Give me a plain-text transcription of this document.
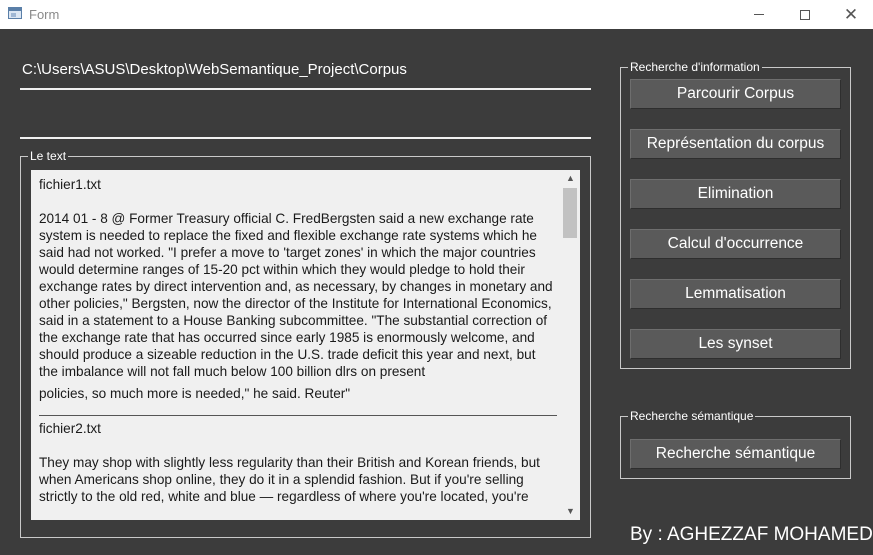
Form	✕
C:\Users\ASUS\Desktop\WebSemantique_Project\Corpus
Le text

fichier1.txt

2014 01 - 8 @ Former Treasury official C. FredBergsten said a new exchange rate system is needed to replace the fixed and flexible exchange rate systems which he said had not worked. "I prefer a move to 'target zones' in which the major countries would determine ranges of 15-20 pct within which they would pledge to hold their exchange rates by direct intervention and, as necessary, by changes in monetary and other policies," Bergsten, now the director of the Institute for International Economics, said in a statement to a House Banking subcommittee. "The substantial correction of the exchange rate that has occurred since early 1985 is enormously welcome, and should produce a sizeable reduction in the U.S. trade deficit this year and next, but the imbalance will not fall much below 100 billion dlrs on present

policies, so much more is needed," he said. Reuter"

fichier2.txt

They may shop with slightly less regularity than their British and Korean friends, but when Americans shop online, they do it in a splendid fashion. But if you're selling strictly to the old red, white and blue — regardless of where you're located, you're

▲
▼
Recherche d'information
Parcourir Corpus
Représentation du corpus
Elimination
Calcul d'occurrence
Lemmatisation
Les synset
Recherche sémantique
Recherche sémantique
By : AGHEZZAF MOHAMED
